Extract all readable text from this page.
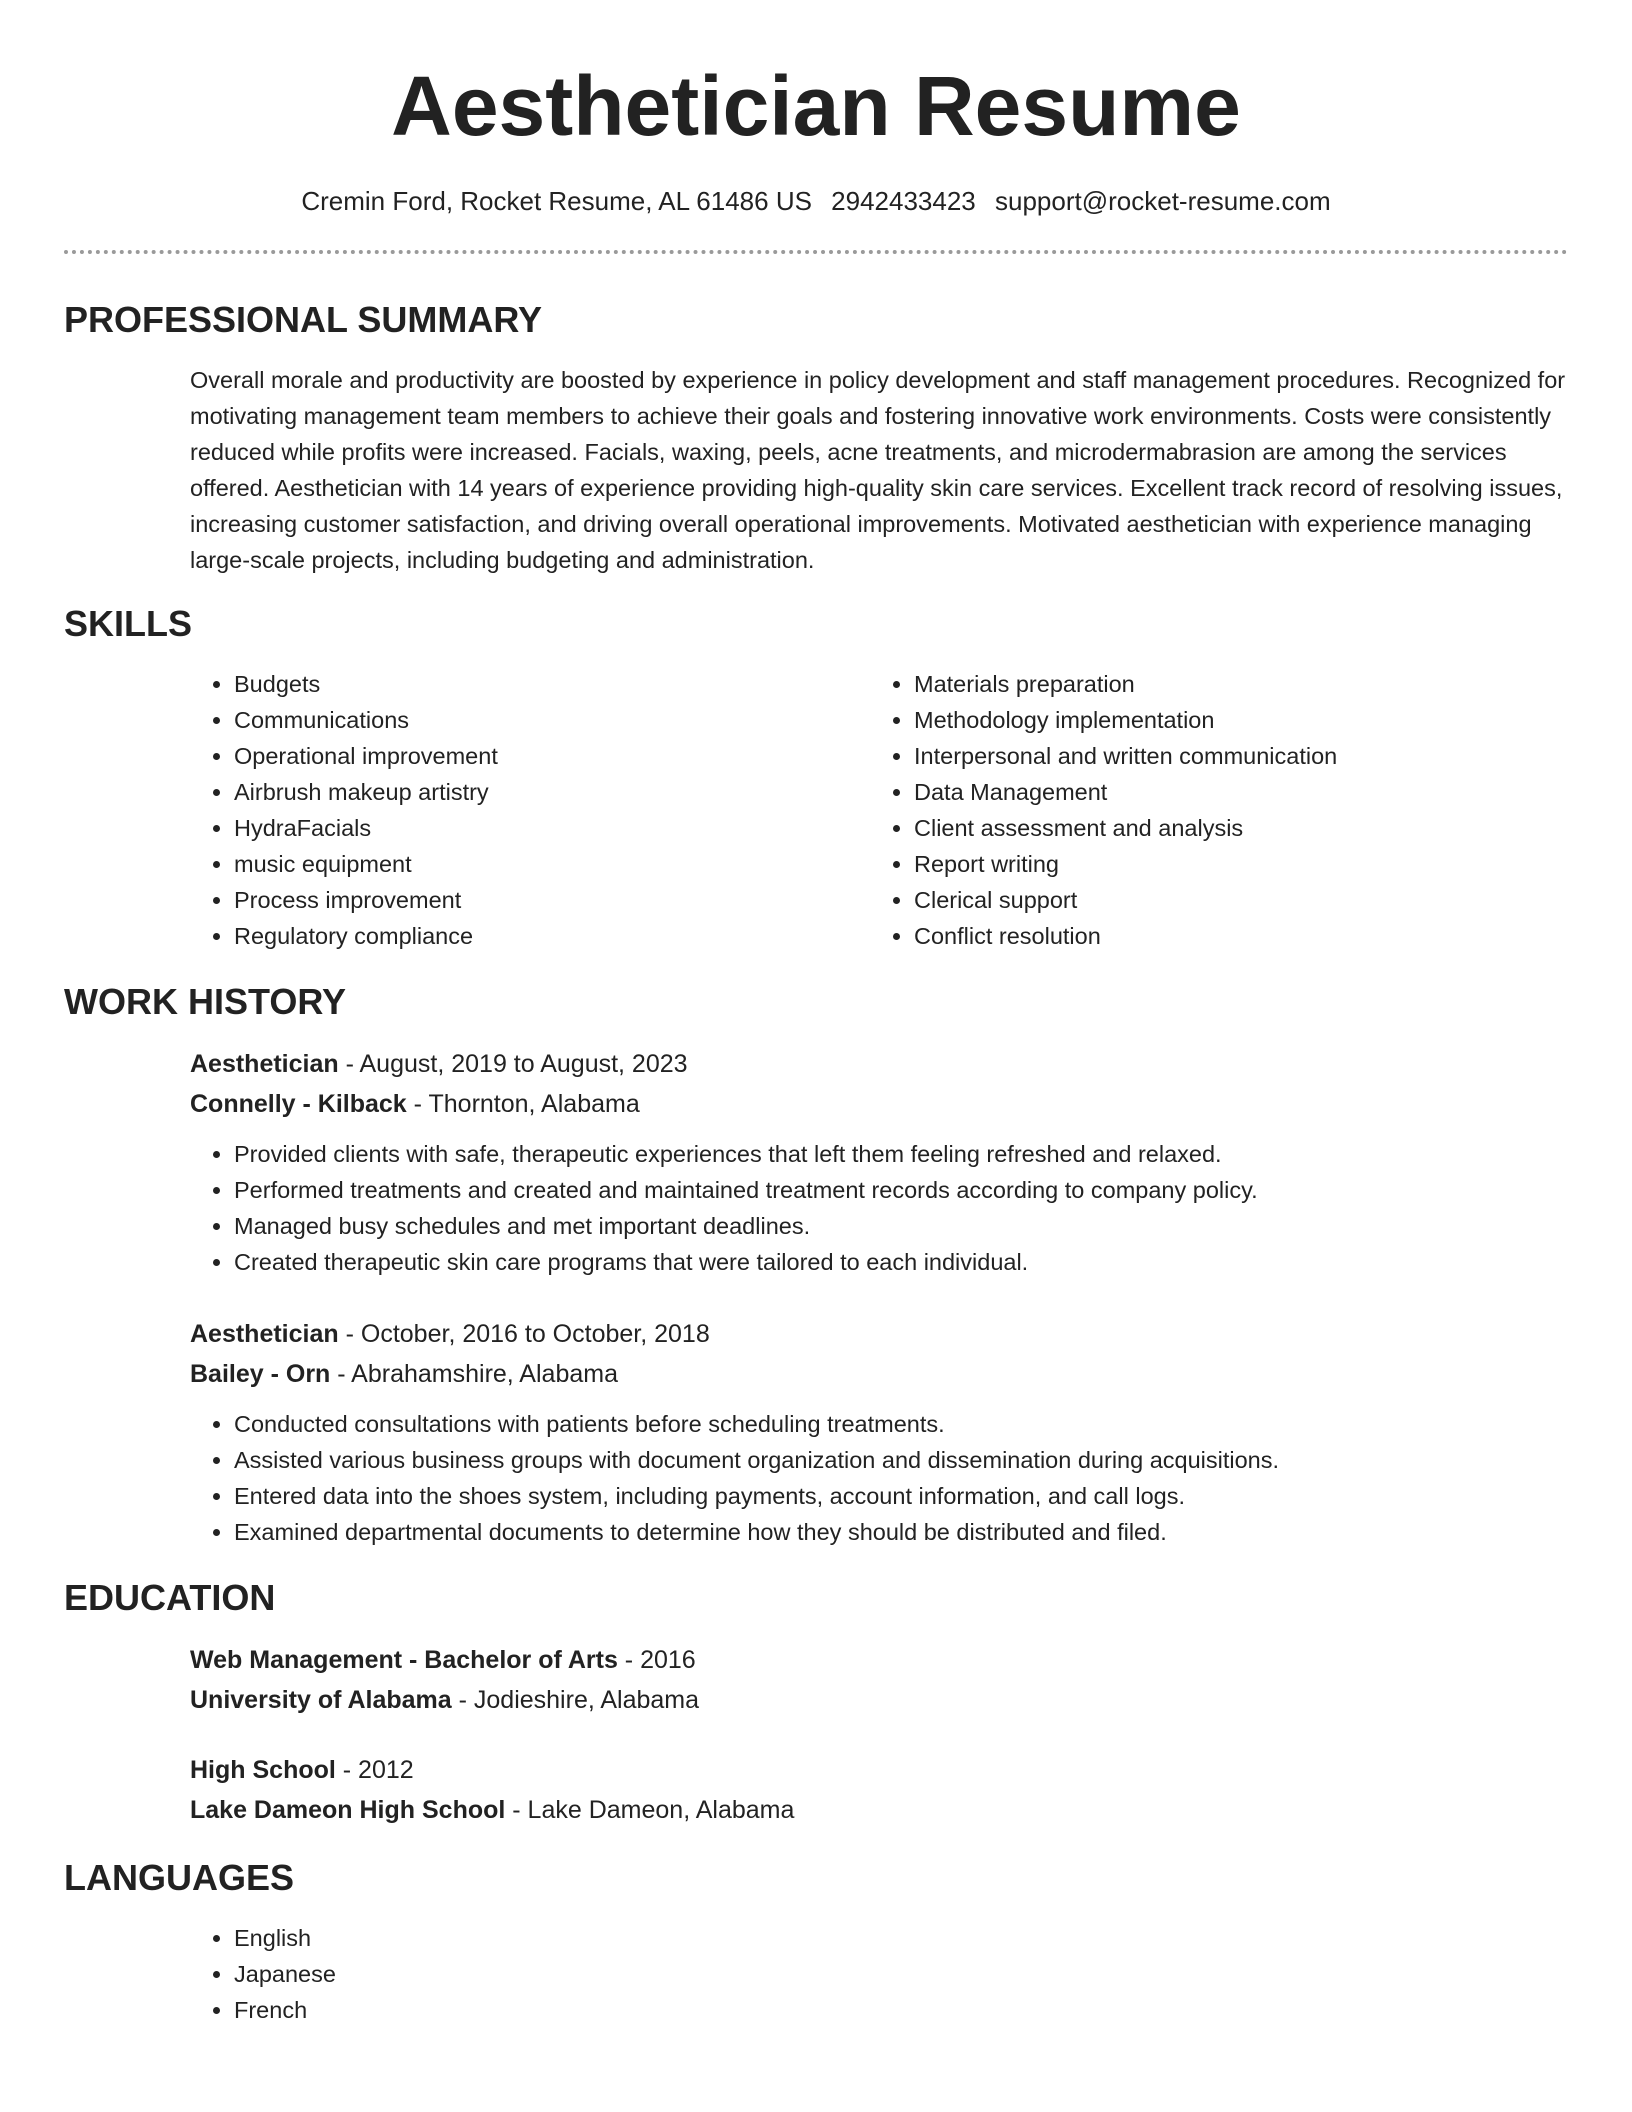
Aesthetician Resume
Cremin Ford, Rocket Resume, AL 61486 US 2942433423 support@rocket-resume.com
PROFESSIONAL SUMMARY

Overall morale and productivity are boosted by experience in policy development and staff management procedures. Recognized for motivating management team members to achieve their goals and fostering innovative work environments. Costs were consistently reduced while profits were increased. Facials, waxing, peels, acne treatments, and microdermabrasion are among the services offered. Aesthetician with 14 years of experience providing high-quality skin care services. Excellent track record of resolving issues, increasing customer satisfaction, and driving overall operational improvements. Motivated aesthetician with experience managing large-scale projects, including budgeting and administration.

SKILLS
• Budgets
• Communications
• Operational improvement
• Airbrush makeup artistry
• HydraFacials
• music equipment
• Process improvement
• Regulatory compliance
• Materials preparation
• Methodology implementation
• Interpersonal and written communication
• Data Management
• Client assessment and analysis
• Report writing
• Clerical support
• Conflict resolution
WORK HISTORY
Aesthetician - August, 2019 to August, 2023
Connelly - Kilback - Thornton, Alabama
• Provided clients with safe, therapeutic experiences that left them feeling refreshed and relaxed.
• Performed treatments and created and maintained treatment records according to company policy.
• Managed busy schedules and met important deadlines.
• Created therapeutic skin care programs that were tailored to each individual.
Aesthetician - October, 2016 to October, 2018
Bailey - Orn - Abrahamshire, Alabama
• Conducted consultations with patients before scheduling treatments.
• Assisted various business groups with document organization and dissemination during acquisitions.
• Entered data into the shoes system, including payments, account information, and call logs.
• Examined departmental documents to determine how they should be distributed and filed.
EDUCATION
Web Management - Bachelor of Arts - 2016
University of Alabama - Jodieshire, Alabama
High School - 2012
Lake Dameon High School - Lake Dameon, Alabama
LANGUAGES
• English
• Japanese
• French
